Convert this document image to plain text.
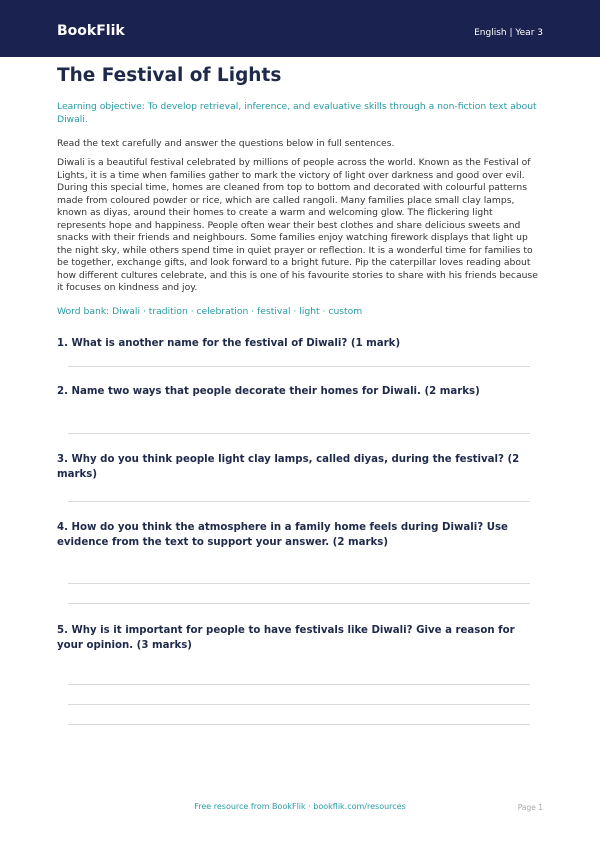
BookFlik	English | Year 3
The Festival of Lights
Learning objective: To develop retrieval, inference, and evaluative skills through a non-fiction text about Diwali.
Read the text carefully and answer the questions below in full sentences.
Diwali is a beautiful festival celebrated by millions of people across the world. Known as the Festival of Lights, it is a time when families gather to mark the victory of light over darkness and good over evil. During this special time, homes are cleaned from top to bottom and decorated with colourful patterns made from coloured powder or rice, which are called rangoli. Many families place small clay lamps, known as diyas, around their homes to create a warm and welcoming glow. The flickering light represents hope and happiness. People often wear their best clothes and share delicious sweets and snacks with their friends and neighbours. Some families enjoy watching firework displays that light up the night sky, while others spend time in quiet prayer or reflection. It is a wonderful time for families to be together, exchange gifts, and look forward to a bright future. Pip the caterpillar loves reading about how different cultures celebrate, and this is one of his favourite stories to share with his friends because it focuses on kindness and joy.
Word bank: Diwali · tradition · celebration · festival · light · custom
1. What is another name for the festival of Diwali? (1 mark)
2. Name two ways that people decorate their homes for Diwali. (2 marks)
3. Why do you think people light clay lamps, called diyas, during the festival? (2 marks)
4. How do you think the atmosphere in a family home feels during Diwali? Use evidence from the text to support your answer. (2 marks)
5. Why is it important for people to have festivals like Diwali? Give a reason for your opinion. (3 marks)
Free resource from BookFlik · bookflik.com/resources	Page 1
